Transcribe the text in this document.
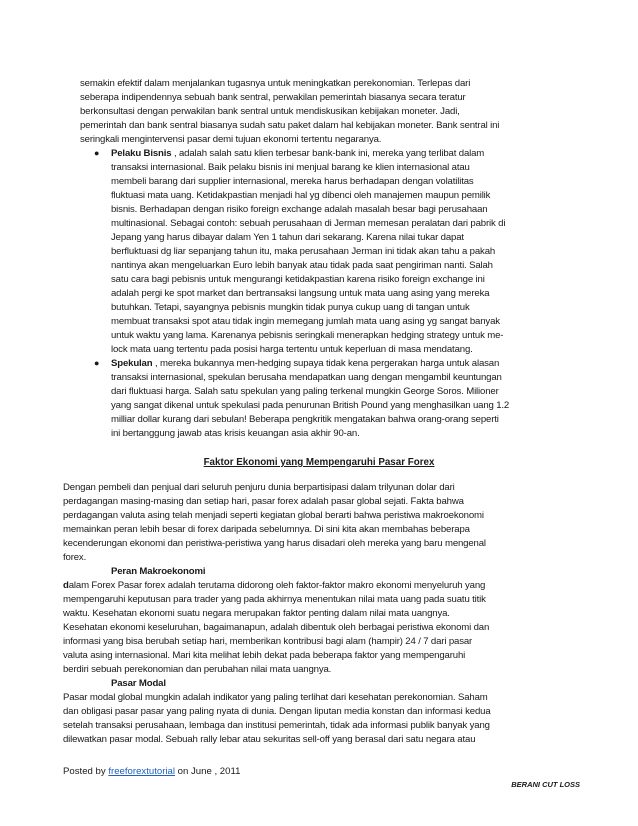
semakin efektif dalam menjalankan tugasnya untuk meningkatkan perekonomian. Terlepas dari
seberapa indipendennya sebuah bank sentral, perwakilan pemerintah biasanya secara teratur
berkonsultasi dengan perwakilan bank sentral untuk mendiskusikan kebijakan moneter. Jadi,
pemerintah dan bank sentral biasanya sudah satu paket dalam hal kebijakan moneter. Bank sentral ini
seringkali mengintervensi pasar demi tujuan ekonomi tertentu negaranya.
● Pelaku Bisnis , adalah salah satu klien terbesar bank-bank ini, mereka yang terlibat dalam
transaksi internasional. Baik pelaku bisnis ini menjual barang ke klien internasional atau
membeli barang dari supplier internasional, mereka harus berhadapan dengan volatilitas
fluktuasi mata uang. Ketidakpastian menjadi hal yg dibenci oleh manajemen maupun pemilik
bisnis. Berhadapan dengan risiko foreign exchange adalah masalah besar bagi perusahaan
multinasional. Sebagai contoh: sebuah perusahaan di Jerman memesan peralatan dari pabrik di
Jepang yang harus dibayar dalam Yen 1 tahun dari sekarang. Karena nilai tukar dapat
berfluktuasi dg liar sepanjang tahun itu, maka perusahaan Jerman ini tidak akan tahu a pakah
nantinya akan mengeluarkan Euro lebih banyak atau tidak pada saat pengiriman nanti. Salah
satu cara bagi pebisnis untuk mengurangi ketidakpastian karena risiko foreign exchange ini
adalah pergi ke spot market dan bertransaksi langsung untuk mata uang asing yang mereka
butuhkan. Tetapi, sayangnya pebisnis mungkin tidak punya cukup uang di tangan untuk
membuat transaksi spot atau tidak ingin memegang jumlah mata uang asing yg sangat banyak
untuk waktu yang lama. Karenanya pebisnis seringkali menerapkan hedging strategy untuk me-
lock mata uang tertentu pada posisi harga tertentu untuk keperluan di masa mendatang.
● Spekulan , mereka bukannya men-hedging supaya tidak kena pergerakan harga untuk alasan
transaksi internasional, spekulan berusaha mendapatkan uang dengan mengambil keuntungan
dari fluktuasi harga. Salah satu spekulan yang paling terkenal mungkin George Soros. Milioner
yang sangat dikenal untuk spekulasi pada penurunan British Pound yang menghasilkan uang 1.2
milliar dollar kurang dari sebulan! Beberapa pengkritik mengatakan bahwa orang-orang seperti
ini bertanggung jawab atas krisis keuangan asia akhir 90-an.
Faktor Ekonomi yang Mempengaruhi Pasar Forex
Dengan pembeli dan penjual dari seluruh penjuru dunia berpartisipasi dalam trilyunan dolar dari
perdagangan masing-masing dan setiap hari, pasar forex adalah pasar global sejati. Fakta bahwa
perdagangan valuta asing telah menjadi seperti kegiatan global berarti bahwa peristiwa makroekonomi
memainkan peran lebih besar di forex daripada sebelumnya. Di sini kita akan membahas beberapa
kecenderungan ekonomi dan peristiwa-peristiwa yang harus disadari oleh mereka yang baru mengenal
forex.
Peran Makroekonomi
dalam Forex Pasar forex adalah terutama didorong oleh faktor-faktor makro ekonomi menyeluruh yang
mempengaruhi keputusan para trader yang pada akhirnya menentukan nilai mata uang pada suatu titik
waktu. Kesehatan ekonomi suatu negara merupakan faktor penting dalam nilai mata uangnya.
Kesehatan ekonomi keseluruhan, bagaimanapun, adalah dibentuk oleh berbagai peristiwa ekonomi dan
informasi yang bisa berubah setiap hari, memberikan kontribusi bagi alam (hampir) 24 / 7 dari pasar
valuta asing internasional. Mari kita melihat lebih dekat pada beberapa faktor yang mempengaruhi
berdiri sebuah perekonomian dan perubahan nilai mata uangnya.
Pasar Modal
Pasar modal global mungkin adalah indikator yang paling terlihat dari kesehatan perekonomian. Saham
dan obligasi pasar pasar yang paling nyata di dunia. Dengan liputan media konstan dan informasi kedua
setelah transaksi perusahaan, lembaga dan institusi pemerintah, tidak ada informasi publik banyak yang
dilewatkan pasar modal. Sebuah rally lebar atau sekuritas sell-off yang berasal dari satu negara atau
Posted by freeforextutorial on June , 2011
BERANI CUT LOSS
